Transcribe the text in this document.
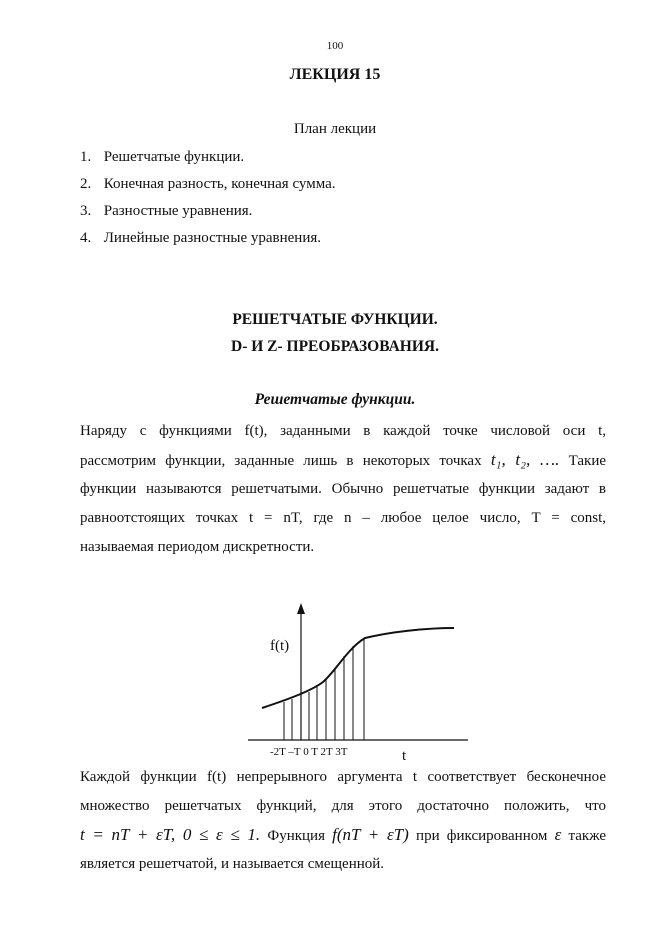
100
ЛЕКЦИЯ 15
План лекции
1. Решетчатые функции.
2. Конечная разность, конечная сумма.
3. Разностные уравнения.
4. Линейные разностные уравнения.
РЕШЕТЧАТЫЕ ФУНКЦИИ.
D- И Z- ПРЕОБРАЗОВАНИЯ.
Решетчатые функции.
Наряду с функциями f(t), заданными в каждой точке числовой оси t,
рассмотрим функции, заданные лишь в некоторых точках t₁, t₂, …. Такие
функции называются решетчатыми. Обычно решетчатые функции задают в
равноотстоящих точках t = nT, где n – любое целое число, T = const,
называемая периодом дискретности.
f(t)
t
-2T –T 0 T 2T 3T
Каждой функции f(t) непрерывного аргумента t соответствует бесконечное
множество решетчатых функций, для этого достаточно положить, что
t = nT + εT, 0 ≤ ε ≤ 1. Функция f(nT + εT) при фиксированном ε также
является решетчатой, и называется смещенной.
